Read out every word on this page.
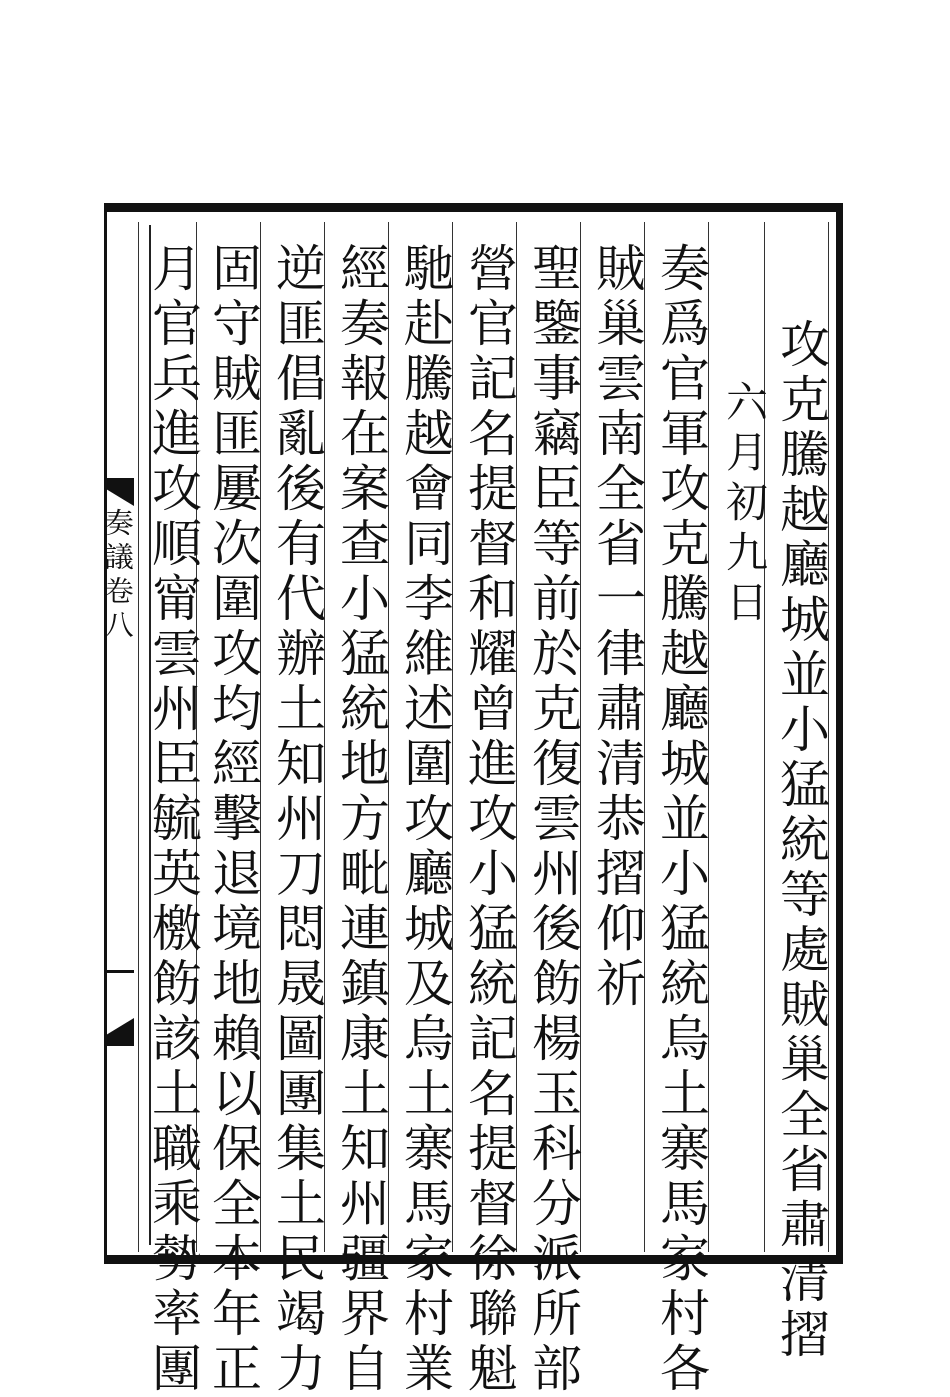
奏議卷八	攻克騰越廳城並小猛統等處賊巢全省肅清摺
六月初九日
奏爲官軍攻克騰越廳城並小猛統烏土寨馬家村各
賊巢雲南全省一律肅清恭摺仰祈
聖鑒事竊臣等前於克復雲州後飭楊玉科分派所部
營官記名提督和耀曾進攻小猛統記名提督徐聯魁
馳赴騰越會同李維述圍攻廳城及烏土寨馬家村業
經奏報在案查小猛統地方毗連鎮康土知州疆界自
逆匪倡亂後有代辦土知州刀悶晟圖團集土民竭力
固守賊匪屢次圍攻均經擊退境地賴以保全本年正
月官兵進攻順甯雲州臣毓英檄飭該土職乘勢率團
